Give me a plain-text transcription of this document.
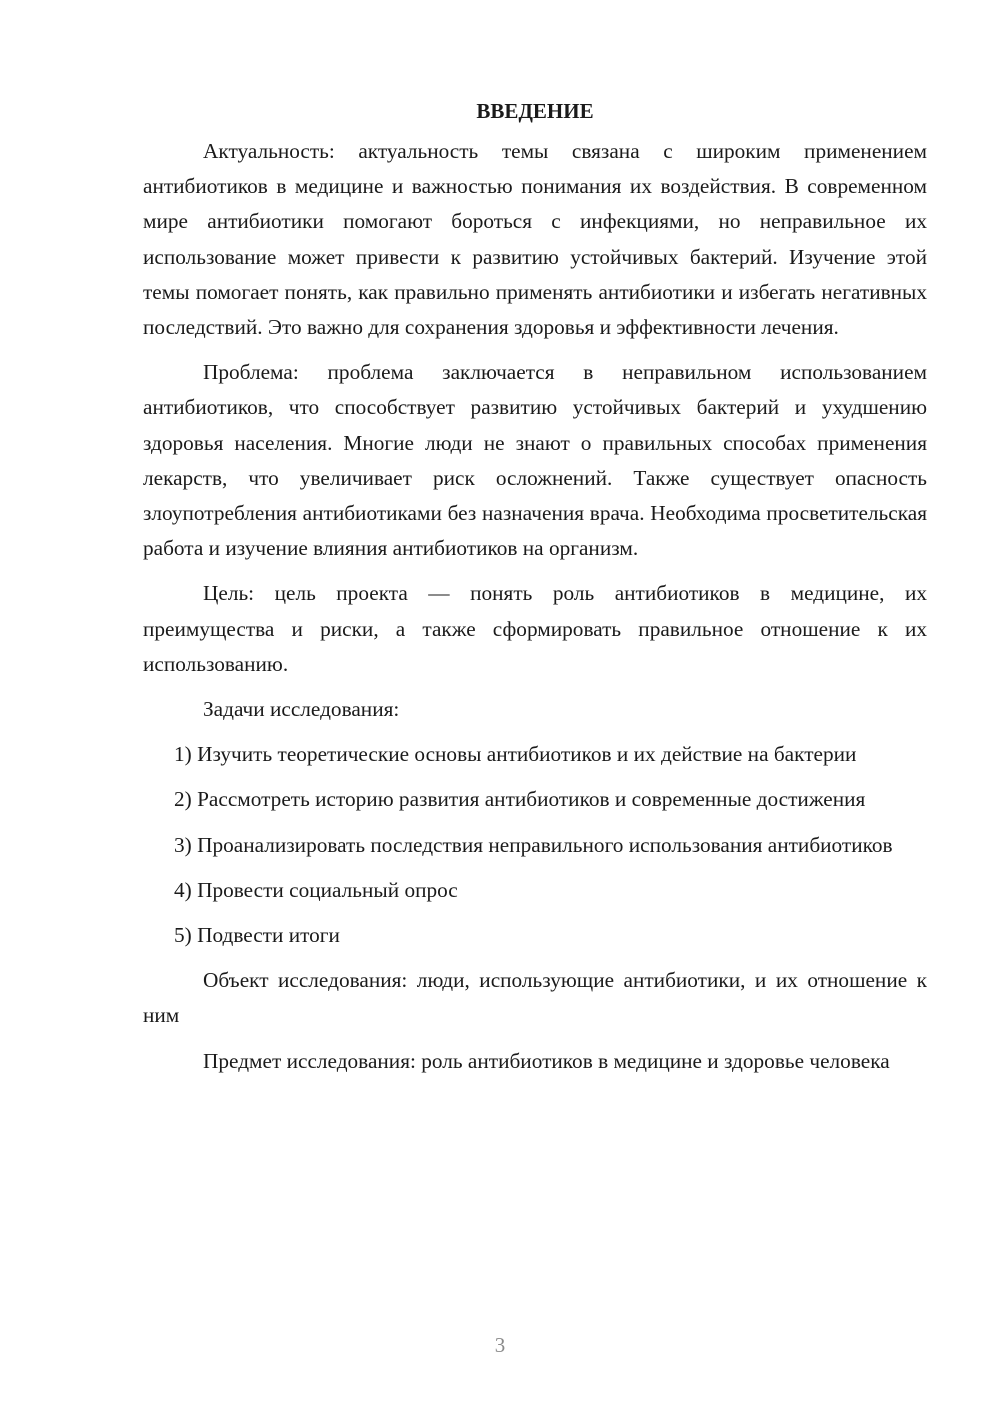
ВВЕДЕНИЕ

Актуальность: актуальность темы связана с широким применением антибиотиков в медицине и важностью понимания их воздействия. В современном мире антибиотики помогают бороться с инфекциями, но неправильное их использование может привести к развитию устойчивых бактерий. Изучение этой темы помогает понять, как правильно применять антибиотики и избегать негативных последствий. Это важно для сохранения здоровья и эффективности лечения.

Проблема: проблема заключается в неправильном использованием антибиотиков, что способствует развитию устойчивых бактерий и ухудшению здоровья населения. Многие люди не знают о правильных способах применения лекарств, что увеличивает риск осложнений. Также существует опасность злоупотребления антибиотиками без назначения врача. Необходима просветительская работа и изучение влияния антибиотиков на организм.

Цель: цель проекта — понять роль антибиотиков в медицине, их преимущества и риски, а также сформировать правильное отношение к их использованию.

Задачи исследования:

1) Изучить теоретические основы антибиотиков и их действие на бактерии
2) Рассмотреть историю развития антибиотиков и современные достижения
3) Проанализировать последствия неправильного использования антибиотиков
4) Провести социальный опрос
5) Подвести итоги

Объект исследования: люди, использующие антибиотики, и их отношение к ним

Предмет исследования: роль антибиотиков в медицине и здоровье человека

3
